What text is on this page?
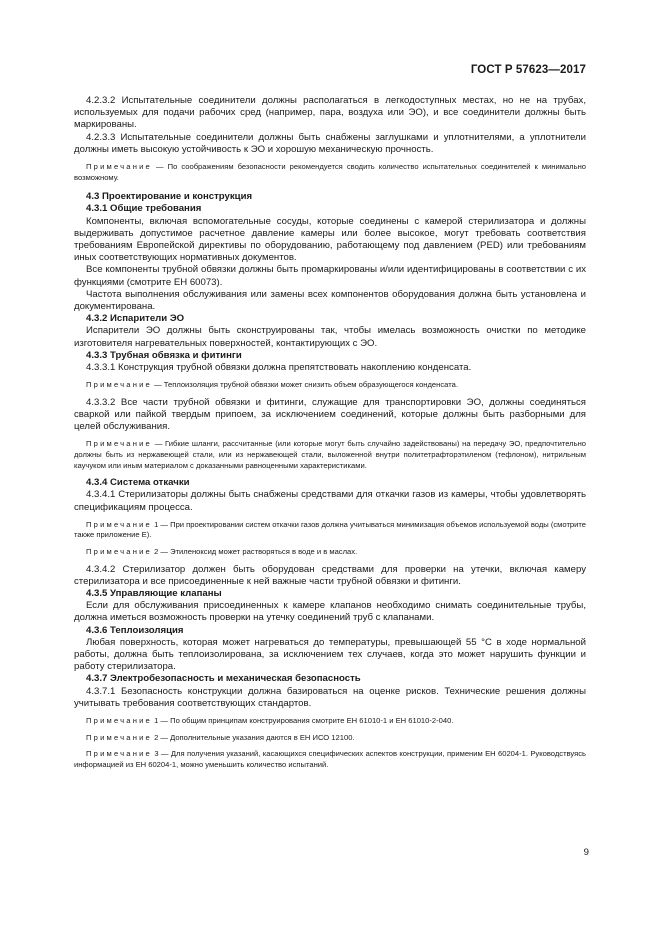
ГОСТ Р 57623—2017

4.2.3.2 Испытательные соединители должны располагаться в легкодоступных местах, но не на трубах, используемых для подачи рабочих сред (например, пара, воздуха или ЭО), и все соединители должны быть маркированы.

4.2.3.3 Испытательные соединители должны быть снабжены заглушками и уплотнителями, а уплотнители должны иметь высокую устойчивость к ЭО и хорошую механическую прочность.

Примечание — По соображениям безопасности рекомендуется сводить количество испытательных соединителей к минимально возможному.

4.3 Проектирование и конструкция

4.3.1 Общие требования

Компоненты, включая вспомогательные сосуды, которые соединены с камерой стерилизатора и должны выдерживать допустимое расчетное давление камеры или более высокое, могут требовать соответствия требованиям Европейской директивы по оборудованию, работающему под давлением (PED) или требованиям иных соответствующих нормативных документов.

Все компоненты трубной обвязки должны быть промаркированы и/или идентифицированы в соответствии с их функциями (смотрите ЕН 60073).

Частота выполнения обслуживания или замены всех компонентов оборудования должна быть установлена и документирована.

4.3.2 Испарители ЭО

Испарители ЭО должны быть сконструированы так, чтобы имелась возможность очистки по методике изготовителя нагревательных поверхностей, контактирующих с ЭО.

4.3.3 Трубная обвязка и фитинги

4.3.3.1 Конструкция трубной обвязки должна препятствовать накоплению конденсата.

Примечание — Теплоизоляция трубной обвязки может снизить объем образующегося конденсата.

4.3.3.2 Все части трубной обвязки и фитинги, служащие для транспортировки ЭО, должны соединяться сваркой или пайкой твердым припоем, за исключением соединений, которые должны быть разборными для целей обслуживания.

Примечание — Гибкие шланги, рассчитанные (или которые могут быть случайно задействованы) на передачу ЭО, предпочтительно должны быть из нержавеющей стали, или из нержавеющей стали, выложенной внутри политетрафторэтиленом (тефлоном), нитрильным каучуком или иным материалом с доказанными равноценными характеристиками.

4.3.4 Система откачки

4.3.4.1 Стерилизаторы должны быть снабжены средствами для откачки газов из камеры, чтобы удовлетворять спецификациям процесса.

Примечание 1 — При проектировании систем откачки газов должна учитываться минимизация объемов используемой воды (смотрите также приложение Е).

Примечание 2 — Этиленоксид может растворяться в воде и в маслах.

4.3.4.2 Стерилизатор должен быть оборудован средствами для проверки на утечки, включая камеру стерилизатора и все присоединенные к ней важные части трубной обвязки и фитинги.

4.3.5 Управляющие клапаны

Если для обслуживания присоединенных к камере клапанов необходимо снимать соединительные трубы, должна иметься возможность проверки на утечку соединений труб с клапанами.

4.3.6 Теплоизоляция

Любая поверхность, которая может нагреваться до температуры, превышающей 55 °С в ходе нормальной работы, должна быть теплоизолирована, за исключением тех случаев, когда это может нарушить функции и работу стерилизатора.

4.3.7 Электробезопасность и механическая безопасность

4.3.7.1 Безопасность конструкции должна базироваться на оценке рисков. Технические решения должны учитывать требования соответствующих стандартов.

Примечание 1 — По общим принципам конструирования смотрите ЕН 61010-1 и ЕН 61010-2-040.

Примечание 2 — Дополнительные указания даются в ЕН ИСО 12100.

Примечание 3 — Для получения указаний, касающихся специфических аспектов конструкции, применим ЕН 60204-1. Руководствуясь информацией из ЕН 60204-1, можно уменьшить количество испытаний.

9
